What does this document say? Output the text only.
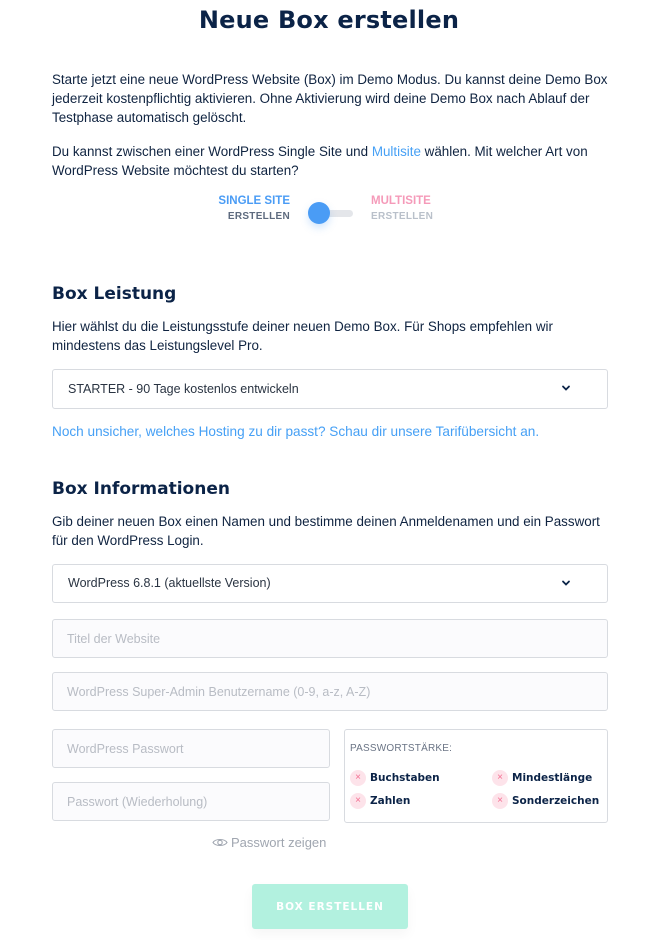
Neue Box erstellen

Starte jetzt eine neue WordPress Website (Box) im Demo Modus. Du kannst deine Demo Box jederzeit kostenpflichtig aktivieren. Ohne Aktivierung wird deine Demo Box nach Ablauf der Testphase automatisch gelöscht.

Du kannst zwischen einer WordPress Single Site und Multisite wählen. Mit welcher Art von WordPress Website möchtest du starten?

SINGLE SITE
ERSTELLEN
MULTISITE
ERSTELLEN
Box Leistung

Hier wählst du die Leistungsstufe deiner neuen Demo Box. Für Shops empfehlen wir mindestens das Leistungslevel Pro.

STARTER - 90 Tage kostenlos entwickeln

Noch unsicher, welches Hosting zu dir passt? Schau dir unsere Tarifübersicht an.

Box Informationen

Gib deiner neuen Box einen Namen und bestimme deinen Anmeldenamen und ein Passwort für den WordPress Login.

WordPress 6.8.1 (aktuellste Version)
Titel der Website
WordPress Super-Admin Benutzername (0-9, a-z, A-Z)
PASSWORTSTÄRKE:
× Buchstaben	× Mindestlänge
× Zahlen	× Sonderzeichen
Passwort zeigen
BOX ERSTELLEN
